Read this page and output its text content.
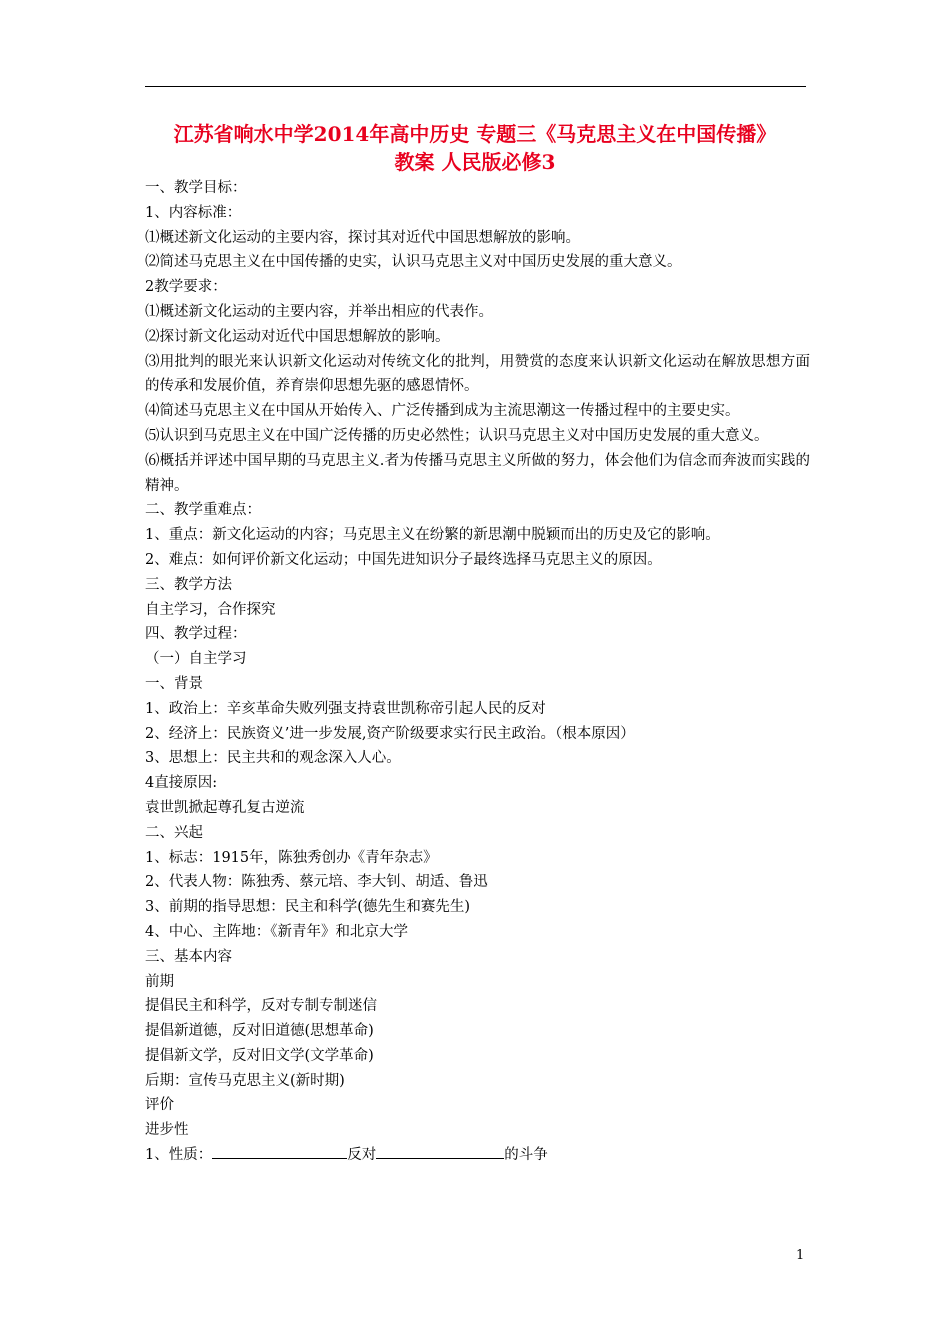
江苏省响水中学2014年高中历史 专题三《马克思主义在中国传播》
教案 人民版必修3
一、教学目标：
1、内容标准：
⑴概述新文化运动的主要内容，探讨其对近代中国思想解放的影响。
⑵简述马克思主义在中国传播的史实，认识马克思主义对中国历史发展的重大意义。
2教学要求：
⑴概述新文化运动的主要内容，并举出相应的代表作。
⑵探讨新文化运动对近代中国思想解放的影响。
⑶用批判的眼光来认识新文化运动对传统文化的批判，用赞赏的态度来认识新文化运动在解放思想方面的传承和发展价值，养育崇仰思想先驱的感恩情怀。
⑷简述马克思主义在中国从开始传入、广泛传播到成为主流思潮这一传播过程中的主要史实。
⑸认识到马克思主义在中国广泛传播的历史必然性；认识马克思主义对中国历史发展的重大意义。
⑹概括并评述中国早期的马克思主义.者为传播马克思主义所做的努力，体会他们为信念而奔波而实践的精神。
二、教学重难点：
1、重点：新文化运动的内容；马克思主义在纷繁的新思潮中脱颖而出的历史及它的影响。
2、难点：如何评价新文化运动；中国先进知识分子最终选择马克思主义的原因。
三、教学方法
自主学习，合作探究
四、教学过程：
（一）自主学习
一、背景
1、政治上：辛亥革命失败列强支持袁世凯称帝引起人民的反对
2、经济上：民族资义’进一步发展,资产阶级要求实行民主政治。（根本原因）
3、思想上：民主共和的观念深入人心。
4直接原因:
袁世凯掀起尊孔复古逆流
二、兴起
1、标志：1915年，陈独秀创办《青年杂志》
2、代表人物：陈独秀、蔡元培、李大钊、胡适、鲁迅
3、前期的指导思想：民主和科学(德先生和赛先生)
4、中心、主阵地：《新青年》和北京大学
三、基本内容
前期
提倡民主和科学，反对专制专制迷信
提倡新道德，反对旧道德(思想革命)
提倡新文学，反对旧文学(文学革命)
后期：宣传马克思主义(新时期)
评价
进步性
1、性质：	反对	的斗争
1
